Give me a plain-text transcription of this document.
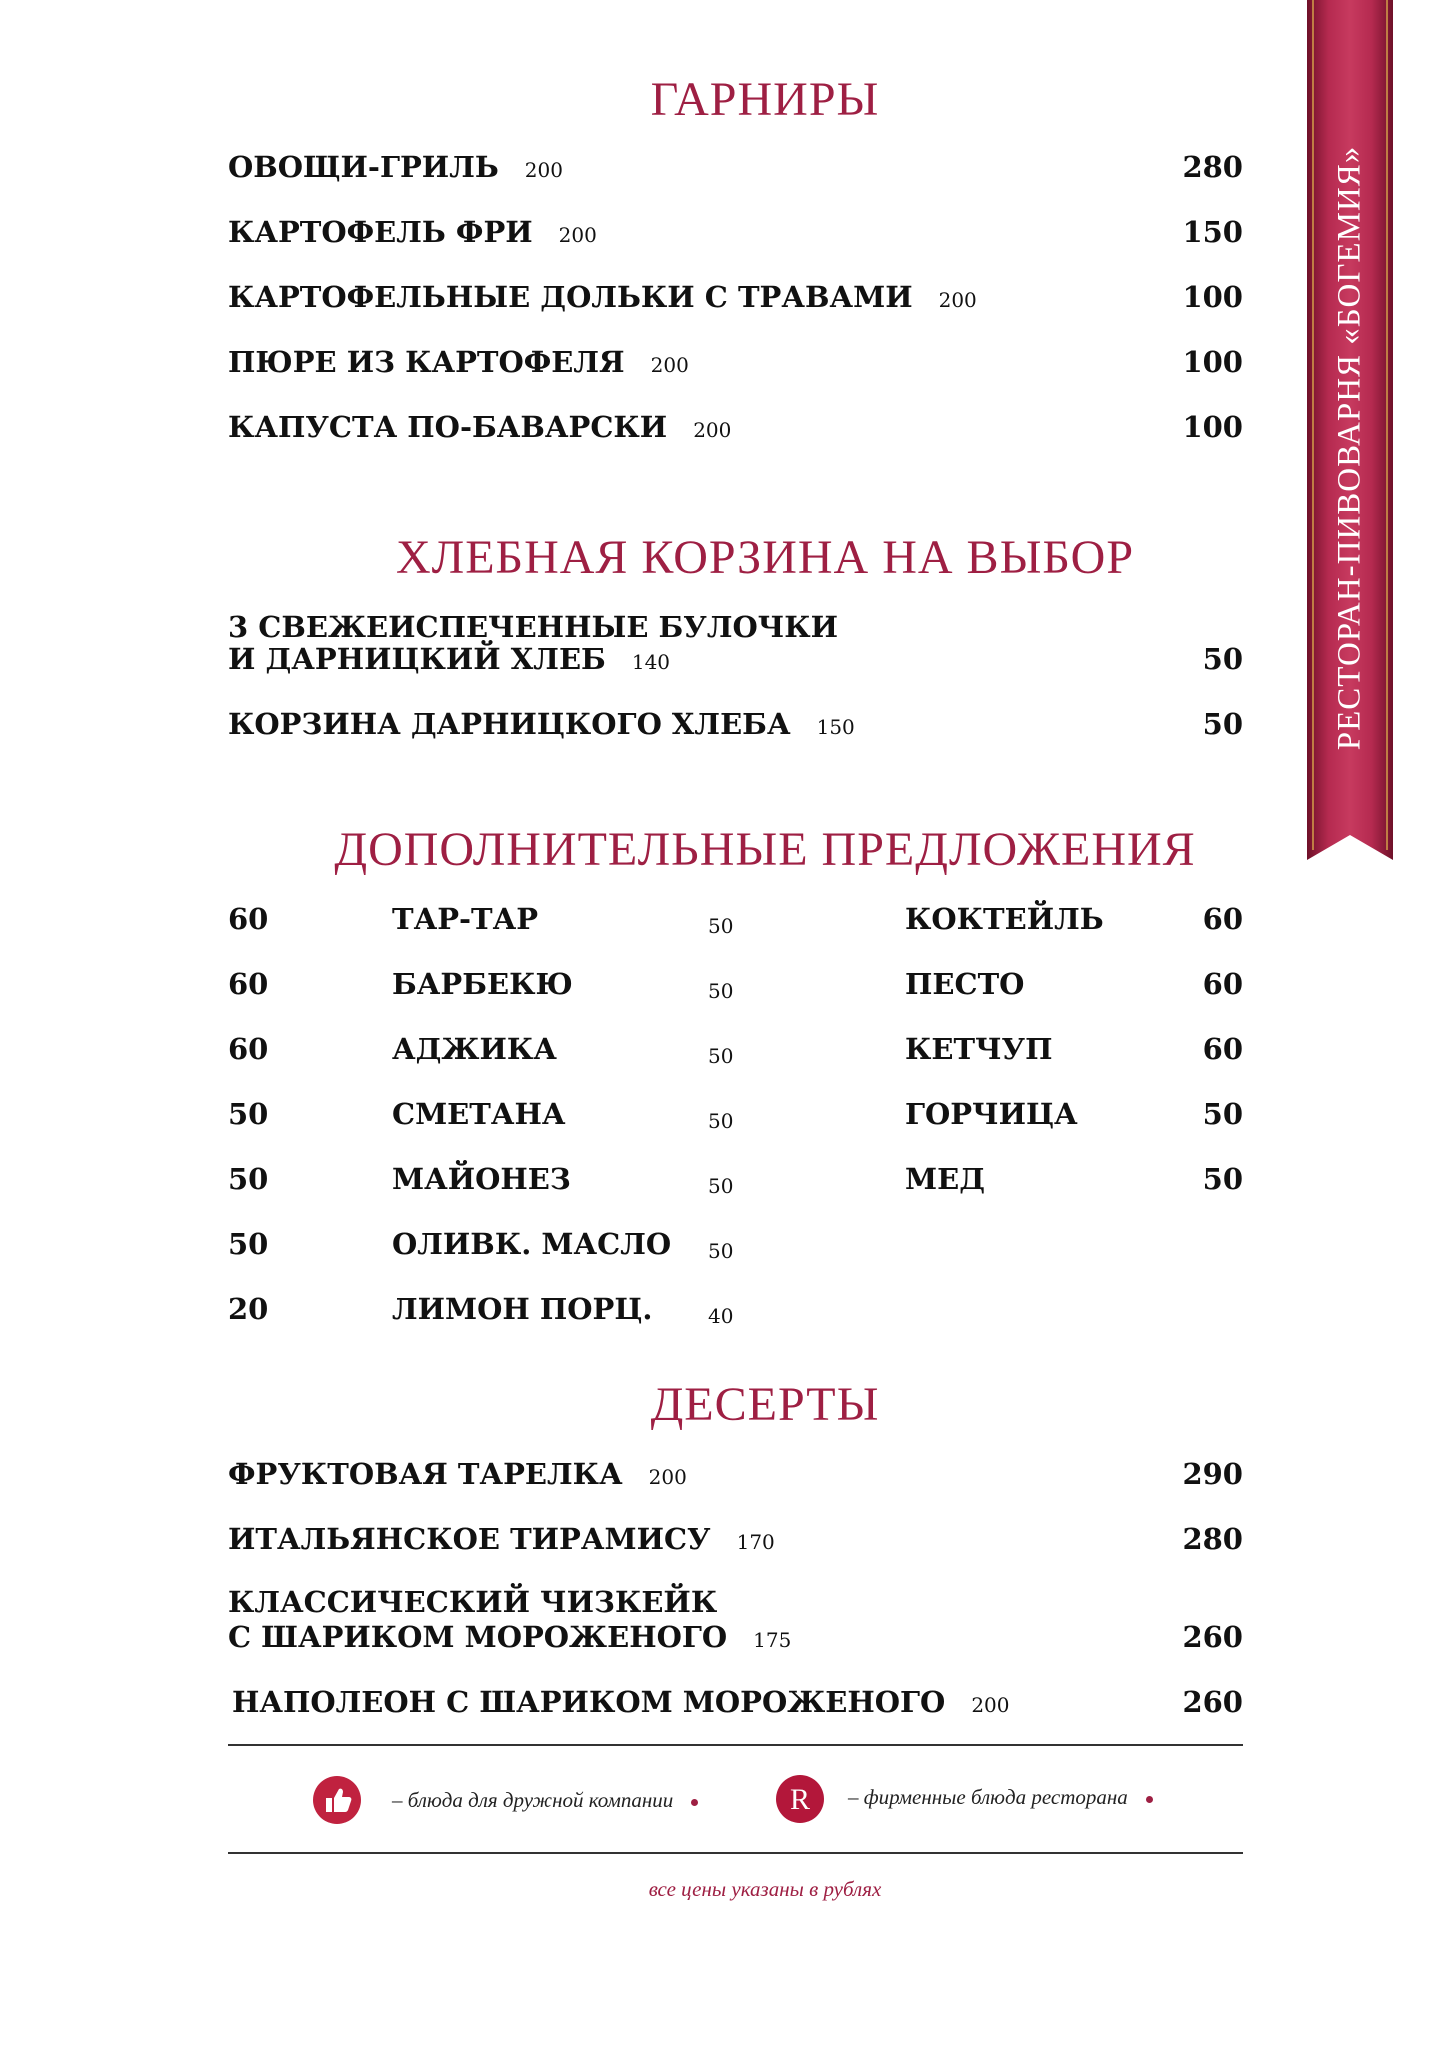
РЕСТОРАН-ПИВОВАРНЯ «БОГЕМИЯ»
ГАРНИРЫ
ОВОЩИ-ГРИЛЬ 200	280
КАРТОФЕЛЬ ФРИ 200	150
КАРТОФЕЛЬНЫЕ ДОЛЬКИ С ТРАВАМИ 200	100
ПЮРЕ ИЗ КАРТОФЕЛЯ 200	100
КАПУСТА ПО-БАВАРСКИ 200	100
ХЛЕБНАЯ КОРЗИНА НА ВЫБОР
3 СВЕЖЕИСПЕЧЕННЫЕ БУЛОЧКИ
И ДАРНИЦКИЙ ХЛЕБ 140	50
КОРЗИНА ДАРНИЦКОГО ХЛЕБА 150	50
ДОПОЛНИТЕЛЬНЫЕ ПРЕДЛОЖЕНИЯ
60	ТАР-ТАР	50
60	БАРБЕКЮ	50
60	АДЖИКА	50
50	СМЕТАНА	50
50	МАЙОНЕЗ	50
50	ОЛИВК. МАСЛО 50
20	ЛИМОН ПОРЦ.	40
КОКТЕЙЛЬ	60
ПЕСТО	60
КЕТЧУП	60
ГОРЧИЦА	50
МЕД	50
ДЕСЕРТЫ
ФРУКТОВАЯ ТАРЕЛКА 200	290
ИТАЛЬЯНСКОЕ ТИРАМИСУ 170	280
КЛАССИЧЕСКИЙ ЧИЗКЕЙК
С ШАРИКОМ МОРОЖЕНОГО 175	260
НАПОЛЕОН С ШАРИКОМ МОРОЖЕНОГО 200	260
– блюда для дружной компании	R – фирменные блюда ресторана
все цены указаны в рублях
